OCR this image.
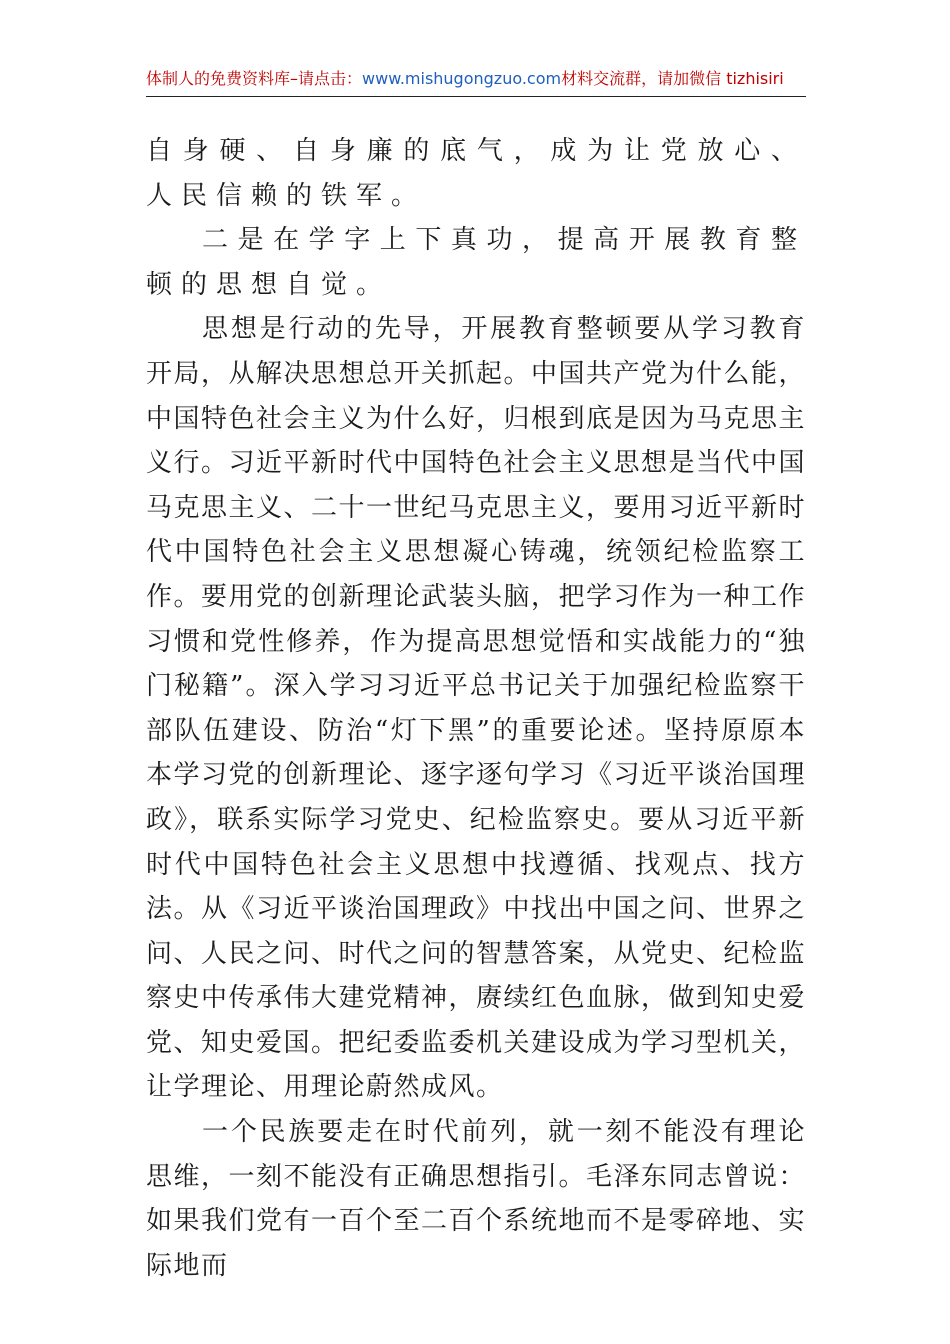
体制人的免费资料库–请点击：www.mishugongzuo.com材料交流群，请加微信 tizhisiri

自身硬、自身廉的底气，成为让党放心、人民信赖的铁军。

二是在学字上下真功，提高开展教育整顿的思想自觉。

思想是行动的先导，开展教育整顿要从学习教育开局，从解决思想总开关抓起。中国共产党为什么能，中国特色社会主义为什么好，归根到底是因为马克思主义行。习近平新时代中国特色社会主义思想是当代中国马克思主义、二十一世纪马克思主义，要用习近平新时代中国特色社会主义思想凝心铸魂，统领纪检监察工作。要用党的创新理论武装头脑，把学习作为一种工作习惯和党性修养，作为提高思想觉悟和实战能力的“独门秘籍”。深入学习习近平总书记关于加强纪检监察干部队伍建设、防治“灯下黑”的重要论述。坚持原原本本学习党的创新理论、逐字逐句学习《习近平谈治国理政》，联系实际学习党史、纪检监察史。要从习近平新时代中国特色社会主义思想中找遵循、找观点、找方法。从《习近平谈治国理政》中找出中国之问、世界之问、人民之问、时代之问的智慧答案，从党史、纪检监察史中传承伟大建党精神，赓续红色血脉，做到知史爱党、知史爱国。把纪委监委机关建设成为学习型机关，让学理论、用理论蔚然成风。

一个民族要走在时代前列，就一刻不能没有理论思维，一刻不能没有正确思想指引。毛泽东同志曾说：如果我们党有一百个至二百个系统地而不是零碎地、实际地而
